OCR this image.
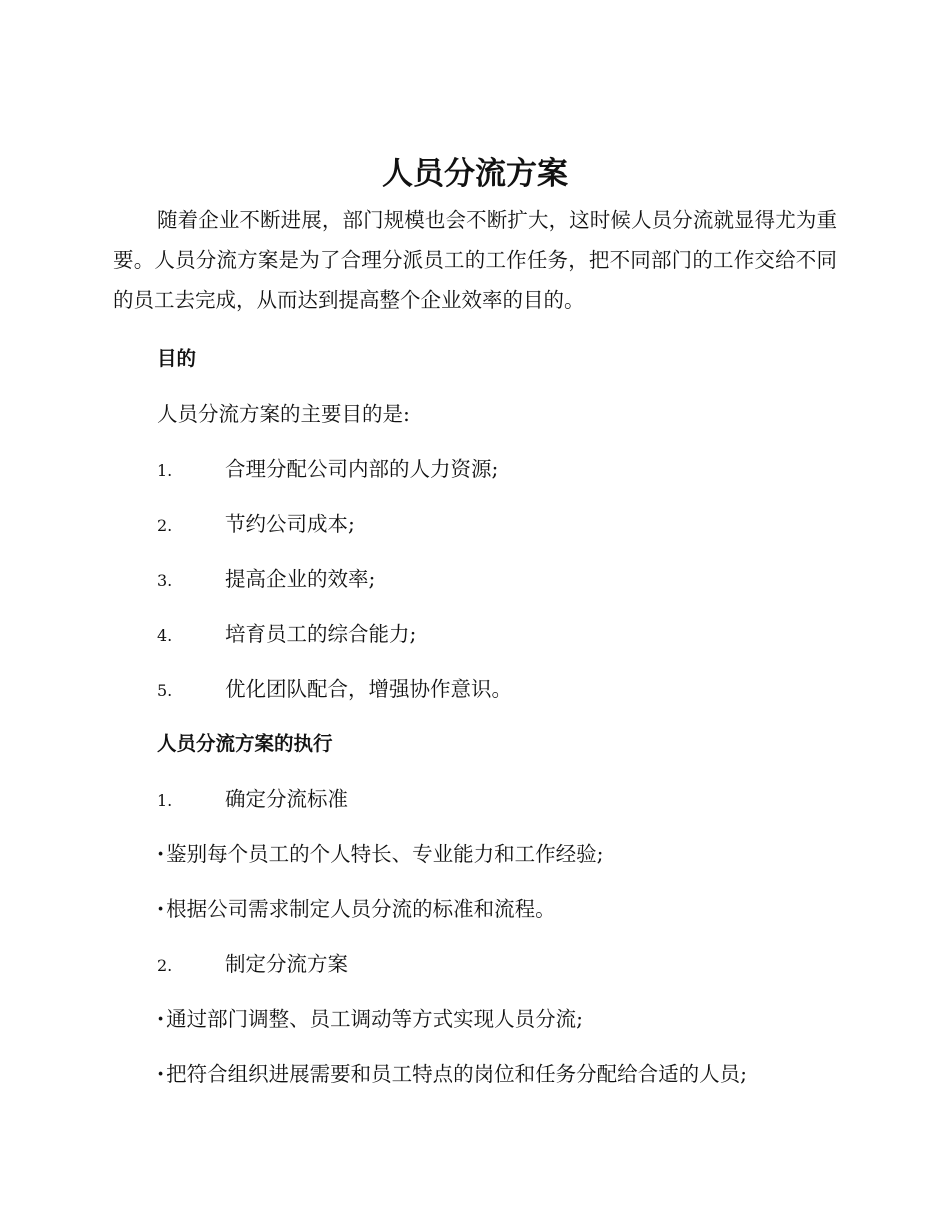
人员分流方案

随着企业不断进展，部门规模也会不断扩大，这时候人员分流就显得尤为重要。人员分流方案是为了合理分派员工的工作任务，把不同部门的工作交给不同的员工去完成，从而达到提高整个企业效率的目的。

目的
人员分流方案的主要目的是:
1.	合理分配公司内部的人力资源;
2.	节约公司成本;
3.	提高企业的效率;
4.	培育员工的综合能力;
5.	优化团队配合，增强协作意识。
人员分流方案的执行
1.	确定分流标准
·鉴别每个员工的个人特长、专业能力和工作经验;
·根据公司需求制定人员分流的标准和流程。
2.	制定分流方案
·通过部门调整、员工调动等方式实现人员分流;
·把符合组织进展需要和员工特点的岗位和任务分配给合适的人员;
